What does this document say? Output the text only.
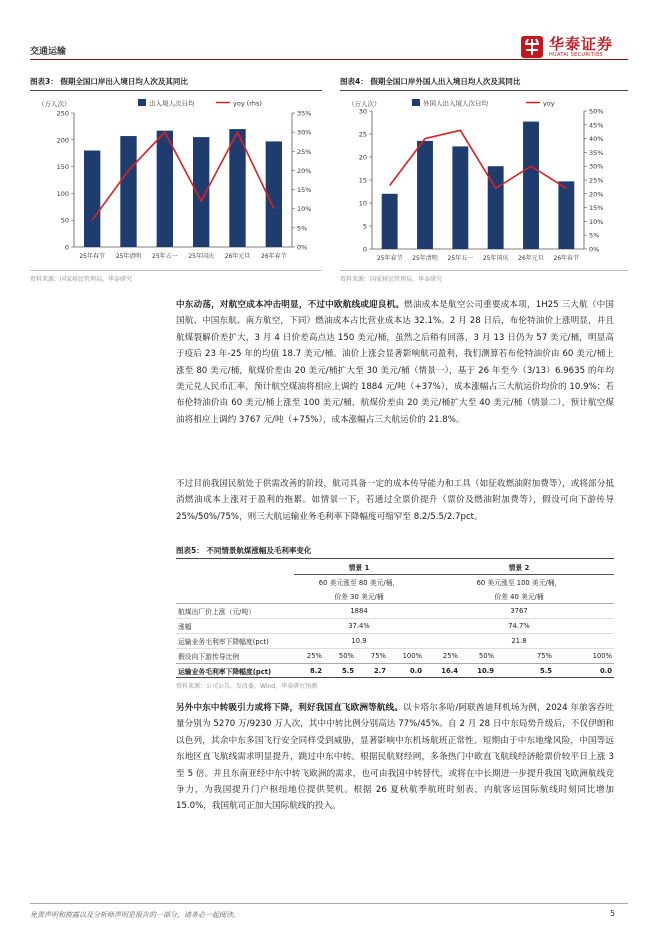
交通运输	华泰证券
HUATAI SECURITIES
图表3： 假期全国口岸出入境日均人次及其同比
（万人次）	出入境人次日均	yoy (rhs)
0
50
100
150
200
250
0%
5%
10%
15%
20%
25%
30%
35%
25年春节 25年清明 25年五一 25年国庆 26年元旦 26年春节
资料来源：国家移民管理局，华泰研究
图表4： 假期全国口岸外国人出入境日均人次及其同比
（万人次）	外国人出入境人次日均	yoy
0
5
10
15
20
25
30
0%
5%
10%
15%
20%
25%
30%
35%
40%
45%
50%
25年春节 25年清明 25年五一 25年国庆 26年元旦 26年春节
资料来源：国家移民管理局，华泰研究
中东动荡，对航空成本冲击明显，不过中欧航线或迎良机。燃油成本是航空公司重要成本项，1H25 三大航（中国国航、中国东航、南方航空，下同）燃油成本占比营业成本达 32.1%。2 月 28 日后，布伦特油价上涨明显，并且航煤裂解价差扩大，3 月 4 日价差高点达 150 美元/桶，虽然之后稍有回落，3 月 13 日仍为 57 美元/桶，明显高于疫后 23 年-25 年的均值 18.7 美元/桶。油价上涨会显著影响航司盈利，我们测算若布伦特油价由 60 美元/桶上涨至 80 美元/桶，航煤价差由 20 美元/桶扩大至 30 美元/桶（情景一），基于 26 年至今（3/13）6.9635 的年均美元兑人民币汇率，预计航空煤油将相应上调约 1884 元/吨（+37%），成本涨幅占三大航运价均价的 10.9%；若布伦特油价由 60 美元/桶上涨至 100 美元/桶，航煤价差由 20 美元/桶扩大至 40 美元/桶（情景二），预计航空煤油将相应上调约 3767 元/吨（+75%），成本涨幅占三大航运价的 21.8%。
不过目前我国民航处于供需改善的阶段，航司具备一定的成本传导能力和工具（如征收燃油附加费等），或将部分抵消燃油成本上涨对于盈利的拖累。如情景一下，若通过全票价提升（票价及燃油附加费等），假设可向下游传导 25%/50%/75%，则三大航运输业务毛利率下降幅度可缩窄至 8.2/5.5/2.7pct。
图表5： 不同情景航煤涨幅及毛利率变化
	情景 1				情景 2			
	60 美元涨至 80 美元/桶，				60 美元涨至 100 美元/桶，			
	价差 30 美元/桶				价差 40 美元/桶			
航煤出厂价上涨（元/吨）	1884				3767			
涨幅	37.4%				74.7%			
运输业务毛利率下降幅度(pct)	10.9				21.8			
假设向下游传导比例	25%	50%	75%	100%	25%	50%	75%	100%
运输业务毛利率下降幅度(pct)	8.2	5.5	2.7	0.0	16.4	10.9	5.5	0.0
资料来源：公司公告，发改委，Wind，华泰研究预测
另外中东中转吸引力或将下降，利好我国直飞欧洲等航线。以卡塔尔多哈/阿联酋迪拜机场为例，2024 年旅客吞吐量分别为 5270 万/9230 万人次，其中中转比例分别高达 77%/45%。自 2 月 28 日中东局势升级后，不仅伊朗和以色列，其余中东多国飞行安全同样受到威胁，显著影响中东机场航班正常性。短期由于中东地缘风险，中国等远东地区直飞航线需求明显提升，跳过中东中转。根据民航财经网，多条热门中欧直飞航线经济舱票价较平日上涨 3 至 5 倍。并且东南亚经中东中转飞欧洲的需求，也可由我国中转替代，或将在中长期进一步提升我国飞欧洲航线竞争力，为我国提升门户枢纽地位提供契机。根据 26 夏秋航季航班时刻表，内航客运国际航线时刻同比增加 15.0%，我国航司正加大国际航线的投入。
免责声明和披露以及分析师声明是报告的一部分，请务必一起阅读。	5
